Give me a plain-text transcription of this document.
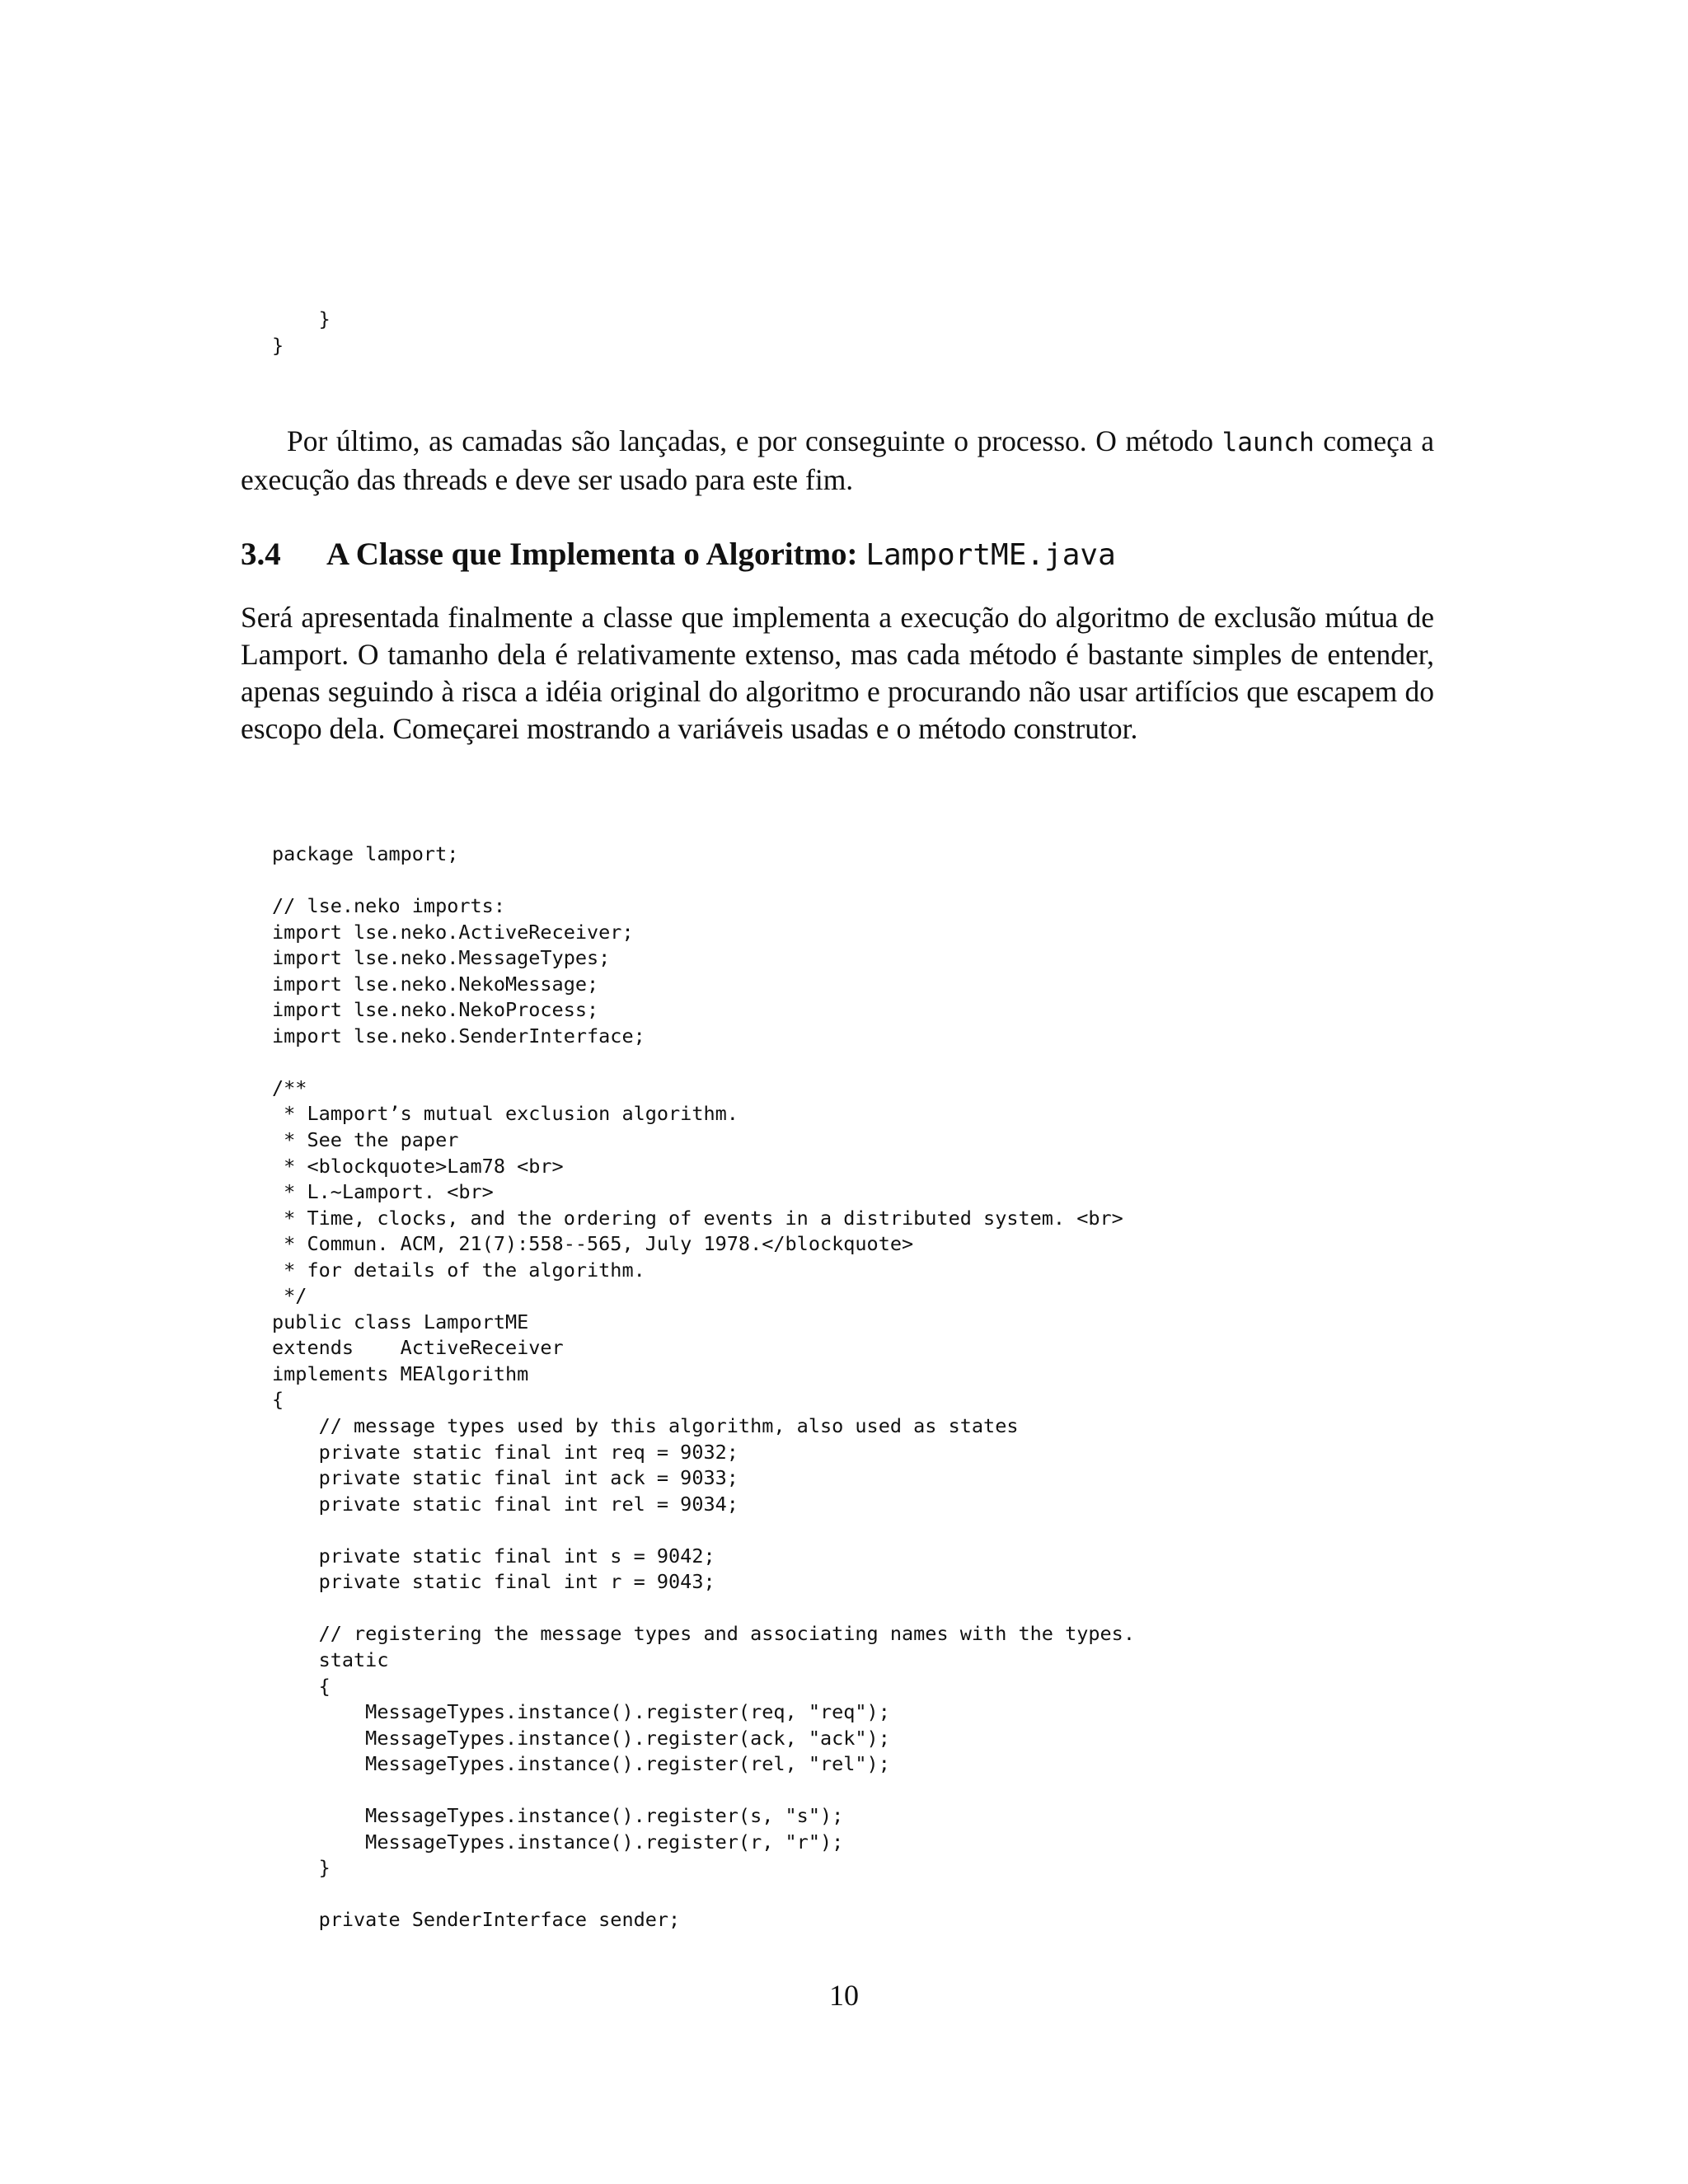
}
}

Por último, as camadas são lançadas, e por conseguinte o processo. O método launch começa a execução das threads e deve ser usado para este fim.

3.4 A Classe que Implementa o Algoritmo: LamportME.java

Será apresentada finalmente a classe que implementa a execução do algoritmo de exclusão mútua de Lamport. O tamanho dela é relativamente extenso, mas cada método é bastante simples de entender, apenas seguindo à risca a idéia original do algoritmo e procurando não usar artifícios que escapem do escopo dela. Começarei mostrando a variáveis usadas e o método construtor.

package lamport;

// lse.neko imports:
import lse.neko.ActiveReceiver;
import lse.neko.MessageTypes;
import lse.neko.NekoMessage;
import lse.neko.NekoProcess;
import lse.neko.SenderInterface;

/**
* Lamport’s mutual exclusion algorithm.
* See the paper
* <blockquote>Lam78 <br>
* L.~Lamport. <br>
* Time, clocks, and the ordering of events in a distributed system. <br>
* Commun. ACM, 21(7):558--565, July 1978.</blockquote>
* for details of the algorithm.
*/
public class LamportME
extends    ActiveReceiver
implements MEAlgorithm
{
// message types used by this algorithm, also used as states
private static final int req = 9032;
private static final int ack = 9033;
private static final int rel = 9034;

private static final int s = 9042;
private static final int r = 9043;

// registering the message types and associating names with the types.
static
{
MessageTypes.instance().register(req, "req");
MessageTypes.instance().register(ack, "ack");
MessageTypes.instance().register(rel, "rel");

MessageTypes.instance().register(s, "s");
MessageTypes.instance().register(r, "r");
}

private SenderInterface sender;

10
